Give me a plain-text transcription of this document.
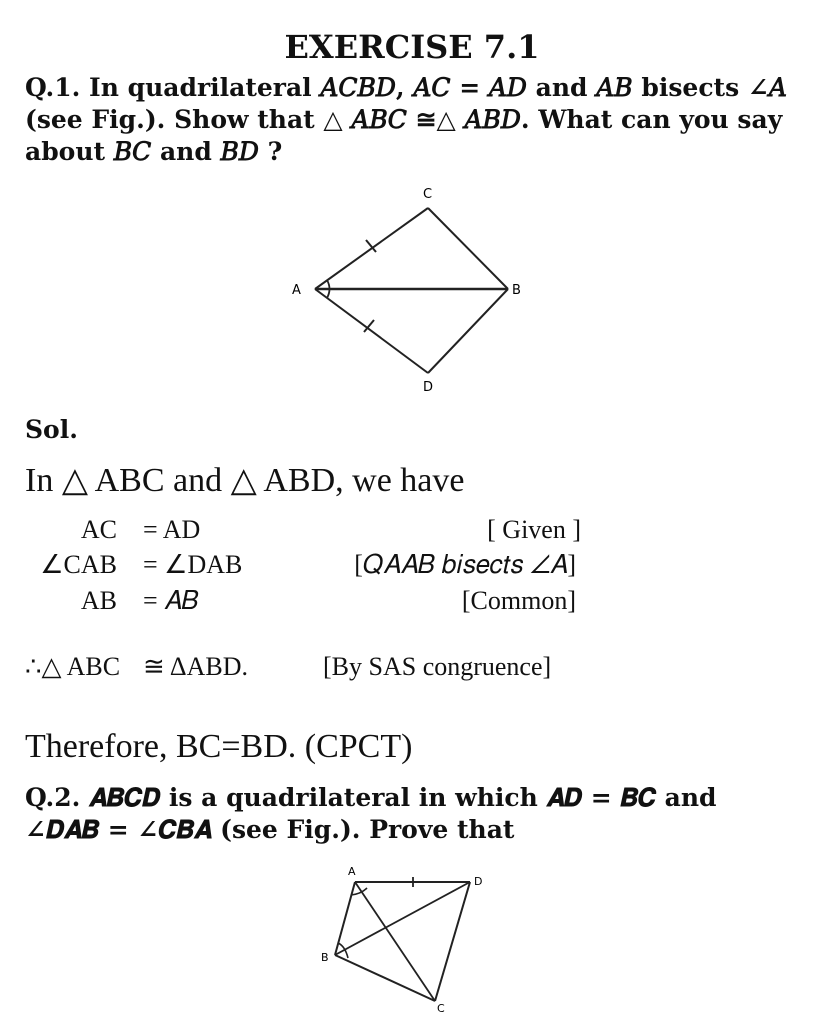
EXERCISE 7.1
Q.1. In quadrilateral 𝐴𝐶𝐵𝐷, 𝐴𝐶 = 𝐴𝐷 and 𝐴𝐵 bisects ∠𝐴
(see Fig.). Show that △ 𝐴𝐵𝐶 ≅△ 𝐴𝐵𝐷. What can you say
about 𝐵𝐶 and 𝐵𝐷 ?
C
A	B
D
Sol.
In △ ABC and △ ABD, we have
AC = AD	[ Given ]
∠CAB = ∠DAB	[𝑄𝐴𝐴𝐵 𝑏𝑖𝑠𝑒𝑐𝑡𝑠 ∠𝐴]
AB = 𝐴𝐵	[Common]
∴△ ABC ≅ ΔABD.	[By SAS congruence]
Therefore, BC=BD. (CPCT)
Q.2. 𝑨𝑩𝑪𝑫 is a quadrilateral in which 𝑨𝑫 = 𝑩𝑪 and
∠𝑫𝑨𝑩 = ∠𝑪𝑩𝑨 (see Fig.). Prove that
A
D
B
C
